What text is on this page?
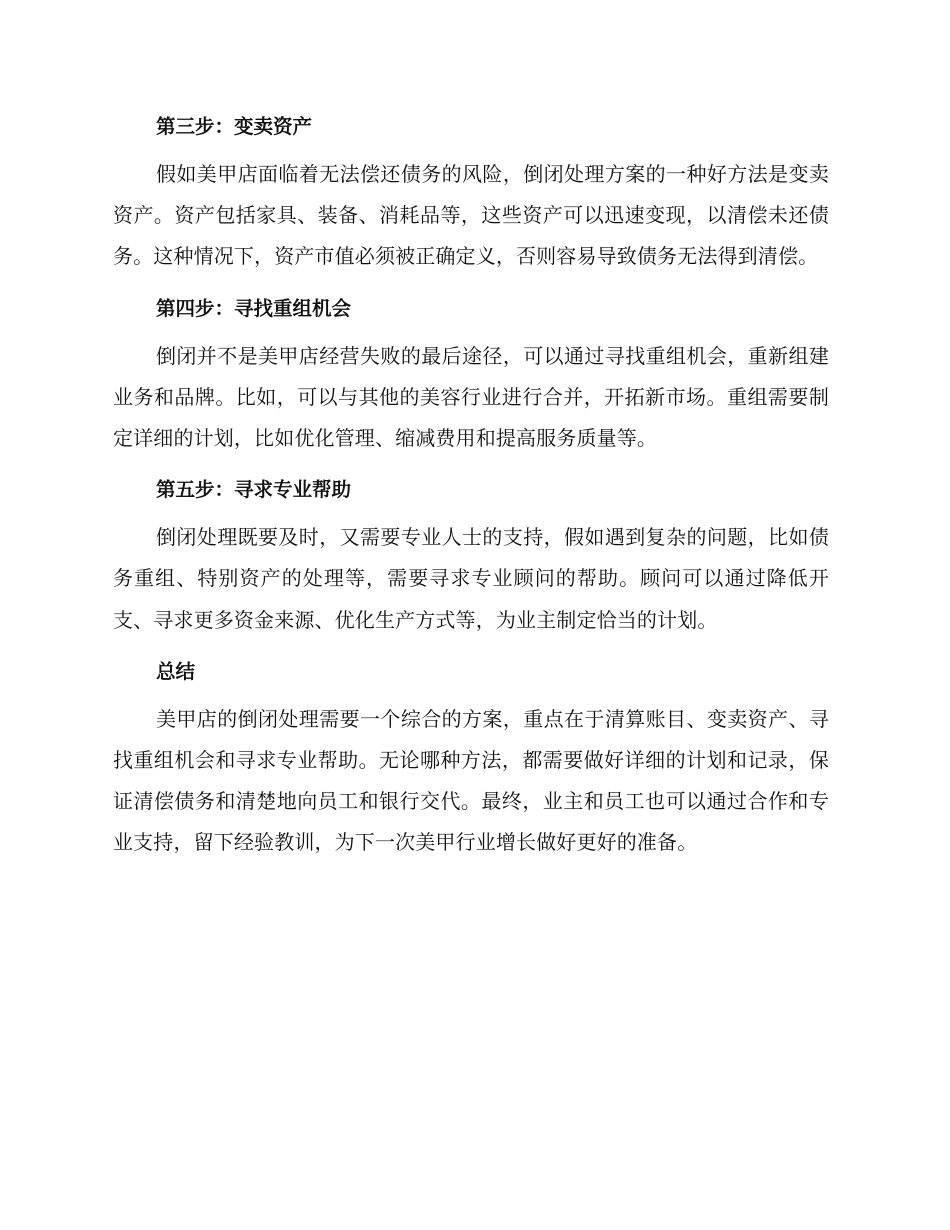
第三步：变卖资产

假如美甲店面临着无法偿还债务的风险，倒闭处理方案的一种好方法是变卖资产。资产包括家具、装备、消耗品等，这些资产可以迅速变现，以清偿未还债务。这种情况下，资产市值必须被正确定义，否则容易导致债务无法得到清偿。

第四步：寻找重组机会

倒闭并不是美甲店经营失败的最后途径，可以通过寻找重组机会，重新组建业务和品牌。比如，可以与其他的美容行业进行合并，开拓新市场。重组需要制定详细的计划，比如优化管理、缩减费用和提高服务质量等。

第五步：寻求专业帮助

倒闭处理既要及时，又需要专业人士的支持，假如遇到复杂的问题，比如债务重组、特别资产的处理等，需要寻求专业顾问的帮助。顾问可以通过降低开支、寻求更多资金来源、优化生产方式等，为业主制定恰当的计划。

总结

美甲店的倒闭处理需要一个综合的方案，重点在于清算账目、变卖资产、寻找重组机会和寻求专业帮助。无论哪种方法，都需要做好详细的计划和记录，保证清偿债务和清楚地向员工和银行交代。最终，业主和员工也可以通过合作和专业支持，留下经验教训，为下一次美甲行业增长做好更好的准备。
